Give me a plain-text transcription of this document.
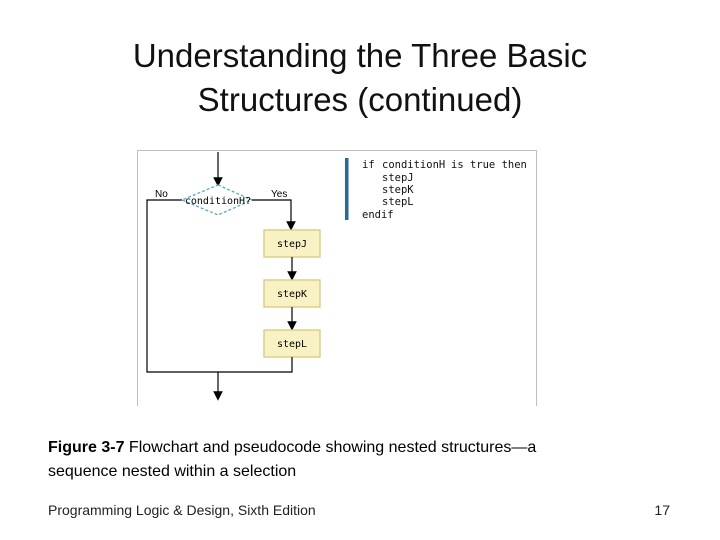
Understanding the Three Basic
Structures (continued)
conditionH?
No	Yes
stepJ
stepK
stepL
if conditionH is true then
stepJ
stepK
stepL
endif
Figure 3-7 Flowchart and pseudocode showing nested structures—a
sequence nested within a selection
Programming Logic & Design, Sixth Edition	17
